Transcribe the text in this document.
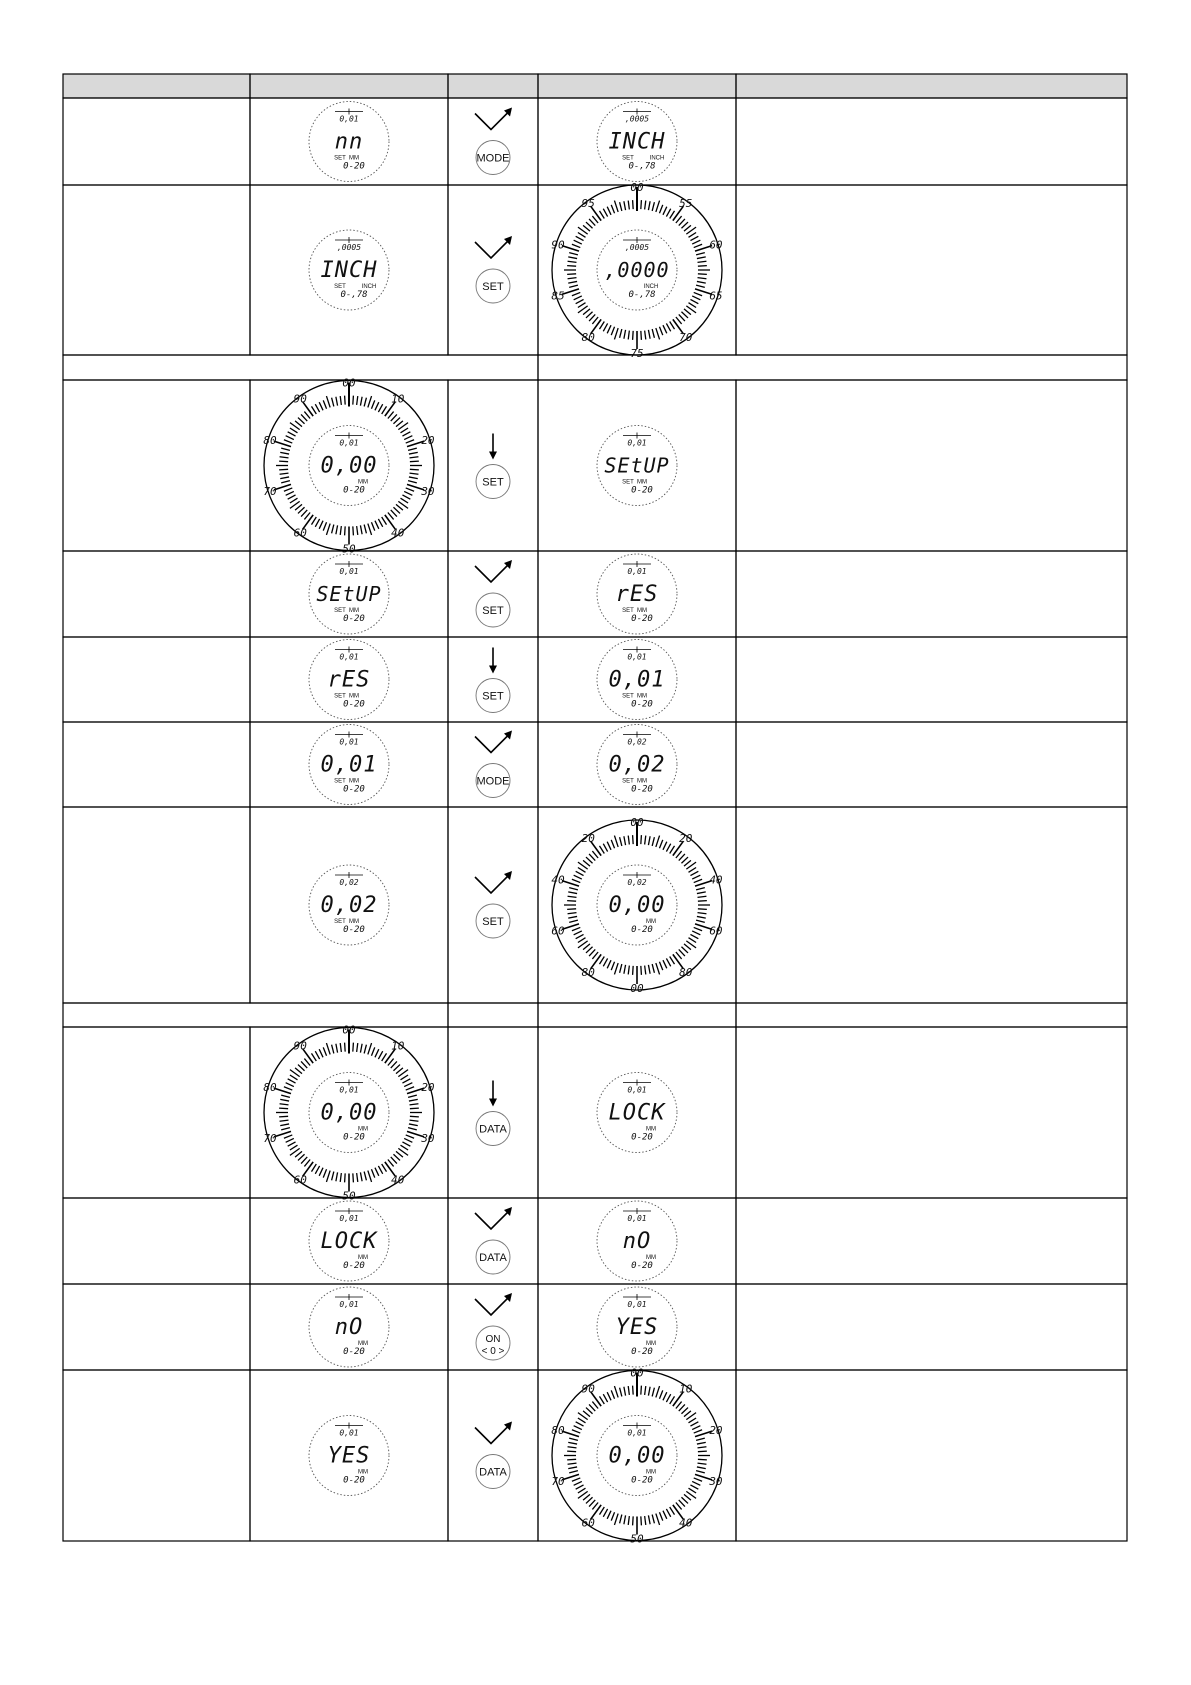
0,01
nn
SET MM
0-20
MODE
,0005
INCH
SET	INCH
0-,78
,0005
INCH
SET	INCH
0-,78
SET
00
55
60
65
70
75
80
85
90
95
,0005
,0000
INCH
0-,78
00
10
20
30
40
50
60
70
80
90
0,01
0,00
MM
0-20
SET
0,01
SEtUP
SET MM
0-20
0,01
SEtUP
SET MM
0-20
SET
0,01
rES
SET MM
0-20
0,01
rES
SET MM
0-20
SET
0,01
0,01
SET MM
0-20
0,01
0,01
SET MM
0-20
MODE
0,02
0,02
SET MM
0-20
0,02
0,02
SET MM
0-20
SET
00
20
40
60
80
00
80
60
40
20
0,02
0,00
MM
0-20
00
10
20
30
40
50
60
70
80
90
0,01
0,00
MM
0-20
DATA
0,01
LOCK
MM
0-20
0,01
LOCK
MM
0-20
DATA
0,01
nO
MM
0-20
0,01
nO
MM
0-20
ON
< 0 >
0,01
YES
MM
0-20
0,01
YES
MM
0-20
DATA
00
10
20
30
40
50
60
70
80
90
0,01
0,00
MM
0-20
